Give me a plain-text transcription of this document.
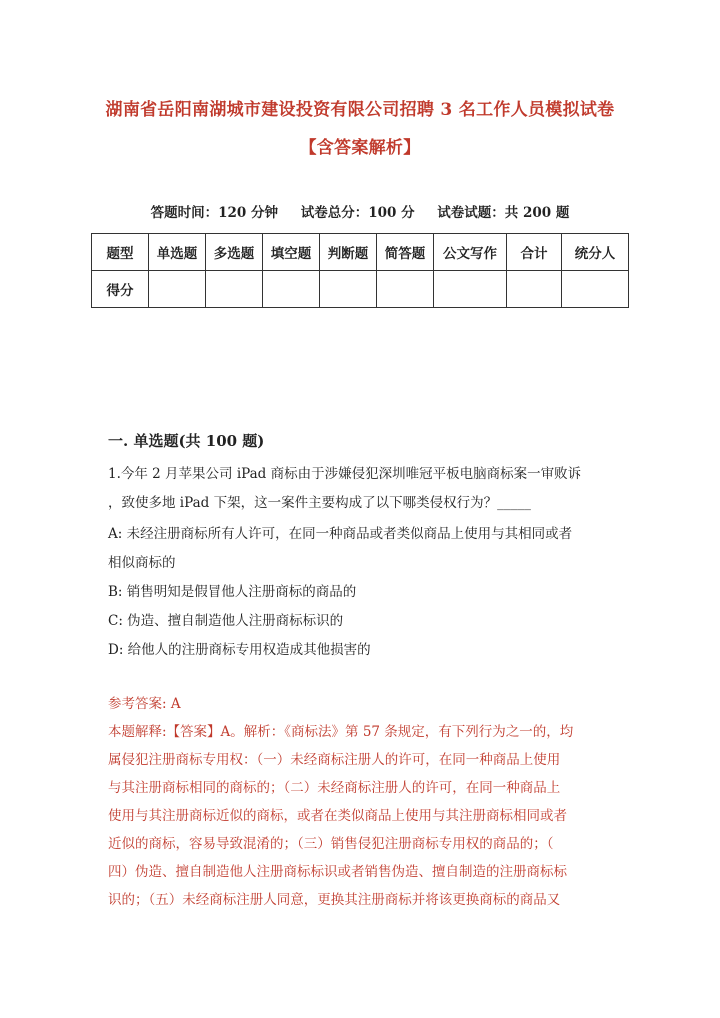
湖南省岳阳南湖城市建设投资有限公司招聘 3 名工作人员模拟试卷
【含答案解析】
答题时间：120 分钟 试卷总分：100 分 试卷试题：共 200 题
题型	单选题	多选题	填空题	判断题	简答题	公文写作	合计	统分人
得分								
一. 单选题(共 100 题)
1.今年 2 月苹果公司 iPad 商标由于涉嫌侵犯深圳唯冠平板电脑商标案一审败诉
，致使多地 iPad 下架，这一案件主要构成了以下哪类侵权行为？_____
A: 未经注册商标所有人许可，在同一种商品或者类似商品上使用与其相同或者
相似商标的
B: 销售明知是假冒他人注册商标的商品的
C: 伪造、擅自制造他人注册商标标识的
D: 给他人的注册商标专用权造成其他损害的
参考答案: A
本题解释:【答案】A。解析：《商标法》第 57 条规定，有下列行为之一的，均
属侵犯注册商标专用权：（一）未经商标注册人的许可，在同一种商品上使用
与其注册商标相同的商标的；（二）未经商标注册人的许可，在同一种商品上
使用与其注册商标近似的商标，或者在类似商品上使用与其注册商标相同或者
近似的商标，容易导致混淆的；（三）销售侵犯注册商标专用权的商品的；（
四）伪造、擅自制造他人注册商标标识或者销售伪造、擅自制造的注册商标标
识的；（五）未经商标注册人同意，更换其注册商标并将该更换商标的商品又
